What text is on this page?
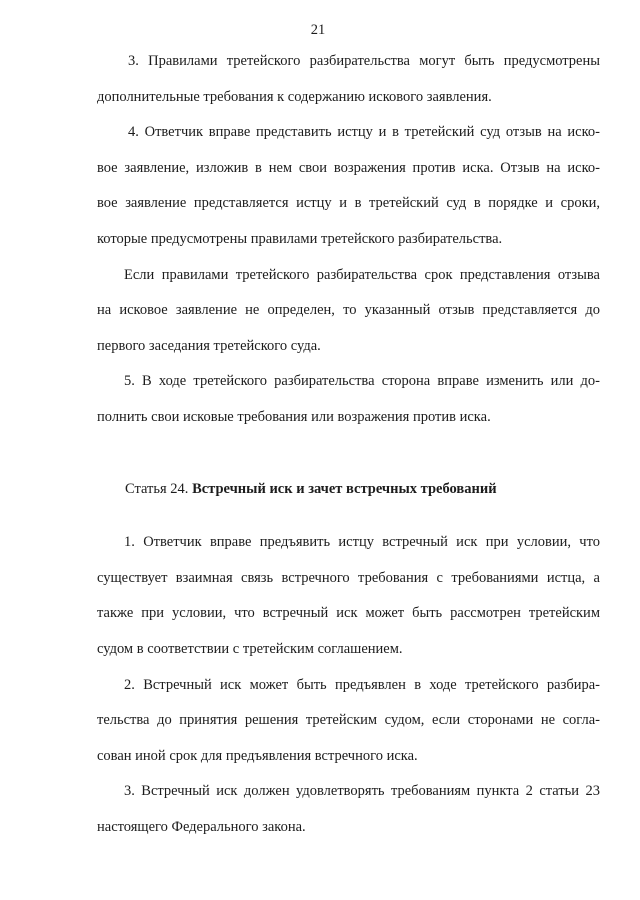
21
3. Правилами третейского разбирательства могут быть предусмотрены
дополнительные требования к содержанию искового заявления.
4. Ответчик вправе представить истцу и в третейский суд отзыв на иско-
вое заявление, изложив в нем свои возражения против иска. Отзыв на иско-
вое заявление представляется истцу и в третейский суд в порядке и сроки,
которые предусмотрены правилами третейского разбирательства.
Если правилами третейского разбирательства срок представления отзыва
на исковое заявление не определен, то указанный отзыв представляется до
первого заседания третейского суда.
5. В ходе третейского разбирательства сторона вправе изменить или до-
полнить свои исковые требования или возражения против иска.
Статья 24. Встречный иск и зачет встречных требований
1. Ответчик вправе предъявить истцу встречный иск при условии, что
существует взаимная связь встречного требования с требованиями истца, а
также при условии, что встречный иск может быть рассмотрен третейским
судом в соответствии с третейским соглашением.
2. Встречный иск может быть предъявлен в ходе третейского разбира-
тельства до принятия решения третейским судом, если сторонами не согла-
сован иной срок для предъявления встречного иска.
3. Встречный иск должен удовлетворять требованиям пункта 2 статьи 23
настоящего Федерального закона.
